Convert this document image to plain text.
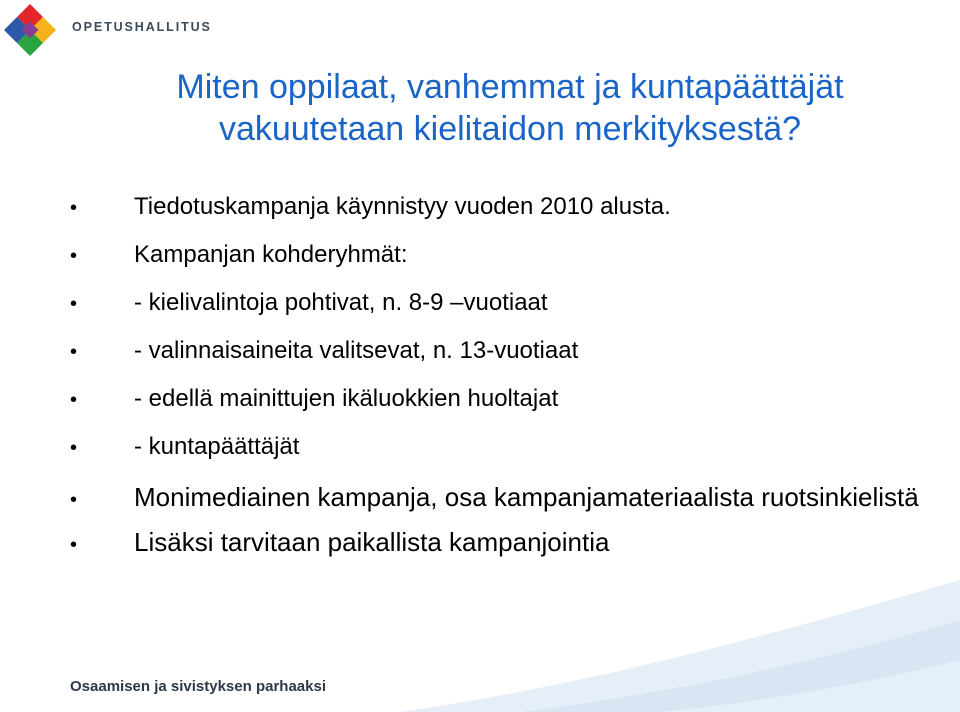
OPETUSHALLITUS
Miten oppilaat, vanhemmat ja kuntapäättäjät
vakuutetaan kielitaidon merkityksestä?
• Tiedotuskampanja käynnistyy vuoden 2010 alusta.
• Kampanjan kohderyhmät:
• - kielivalintoja pohtivat, n. 8-9 –vuotiaat
• - valinnaisaineita valitsevat, n. 13-vuotiaat
• - edellä mainittujen ikäluokkien huoltajat
• - kuntapäättäjät
• Monimediainen kampanja, osa kampanjamateriaalista ruotsinkielistä
• Lisäksi tarvitaan paikallista kampanjointia
Osaamisen ja sivistyksen parhaaksi
